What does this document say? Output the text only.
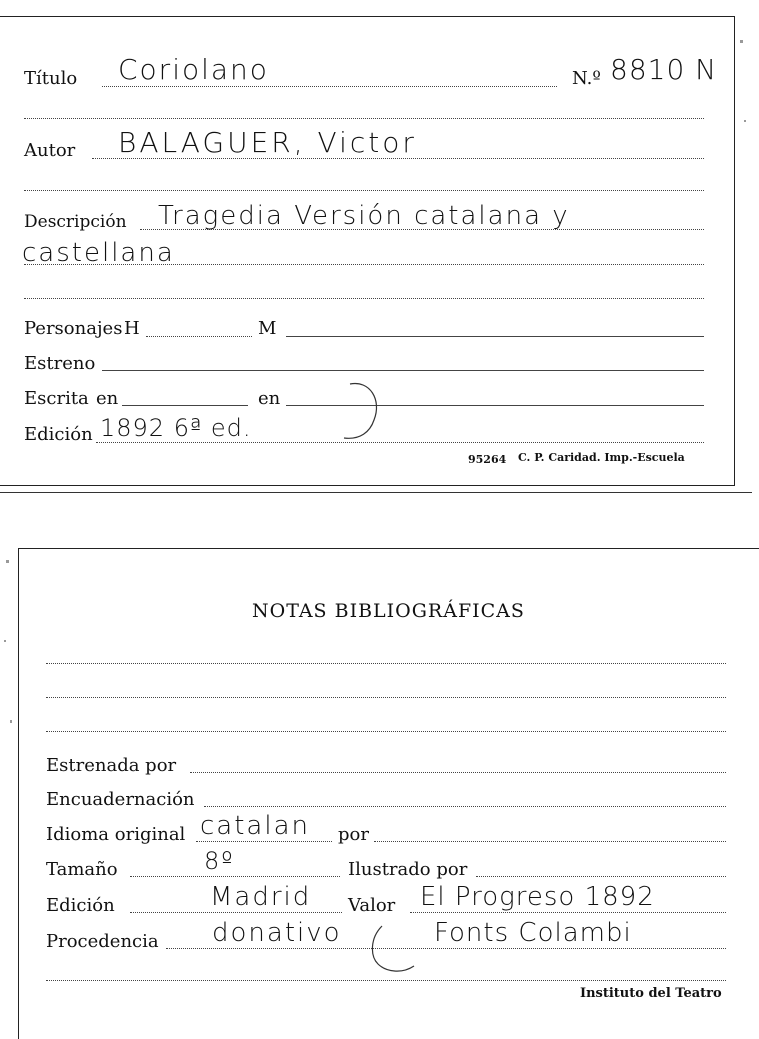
Título Coriolano	N.º 8810 N
Autor BALAGUER, Victor
Descripción Tragedia Versión catalana y
castellana
Personajes H	M
Estreno
Escrita en	en
Edición 1892 6ª ed.
95264 C. P. Caridad. Imp.-Escuela
NOTAS BIBLIOGRÁFICAS
Estrenada por
Encuadernación
Idioma original catalan por
Tamaño	8º	Ilustrado por
Edición	Madrid Valor El Progreso 1892
Procedencia donativo	Fonts Colambi
Instituto del Teatro
